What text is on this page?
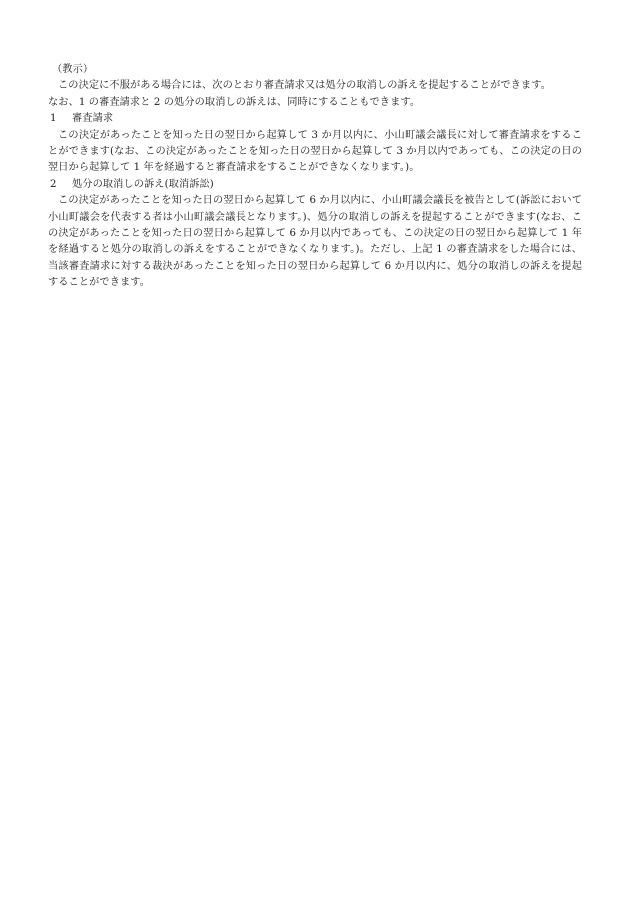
（教示）

この決定に不服がある場合には、次のとおり審査請求又は処分の取消しの訴えを提起することができます。

なお、1 の審査請求と 2 の処分の取消しの訴えは、同時にすることもできます。

1	審査請求

この決定があったことを知った日の翌日から起算して 3 か月以内に、小山町議会議長に対して審査請求をすることができます(なお、この決定があったことを知った日の翌日から起算して 3 か月以内であっても、この決定の日の翌日から起算して 1 年を経過すると審査請求をすることができなくなります。)。

2	処分の取消しの訴え(取消訴訟)

この決定があったことを知った日の翌日から起算して 6 か月以内に、小山町議会議長を被告として(訴訟において小山町議会を代表する者は小山町議会議長となります。)、処分の取消しの訴えを提起することができます(なお、この決定があったことを知った日の翌日から起算して 6 か月以内であっても、この決定の日の翌日から起算して 1 年を経過すると処分の取消しの訴えをすることができなくなります。)。ただし、上記 1 の審査請求をした場合には、当該審査請求に対する裁決があったことを知った日の翌日から起算して 6 か月以内に、処分の取消しの訴えを提起することができます。
